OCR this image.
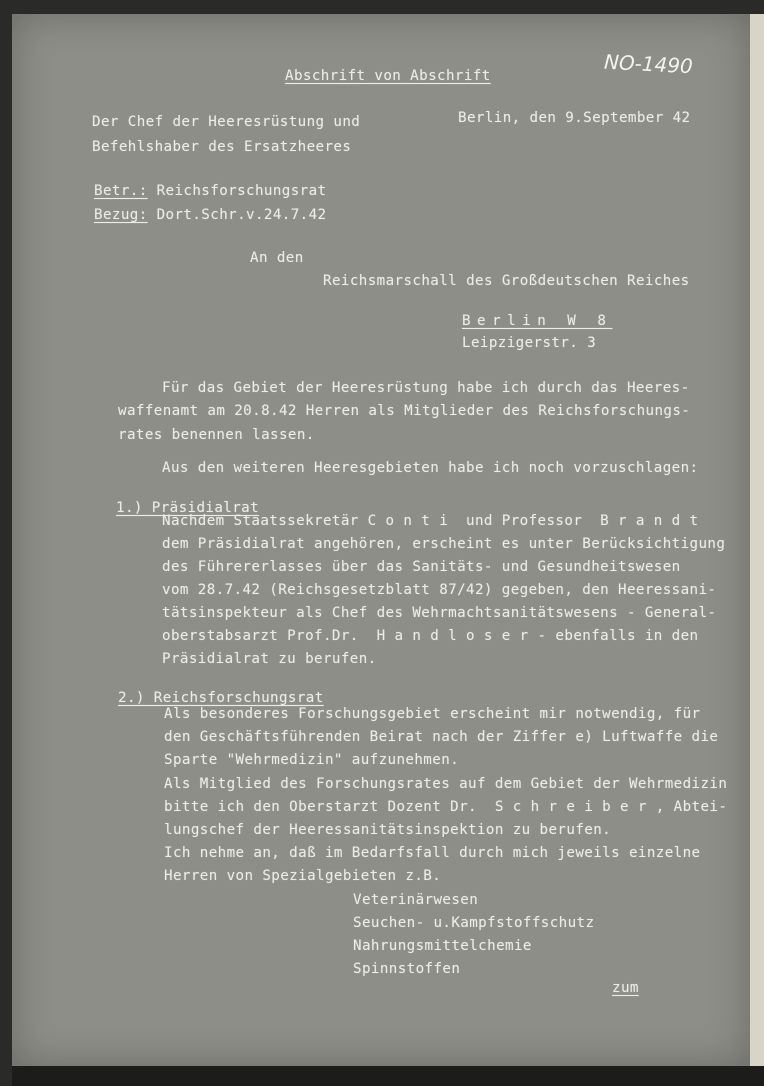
NO-1490
Abschrift von Abschrift
Der Chef der Heeresrüstung und
Befehlshaber des Ersatzheeres
Berlin, den 9.September 42
Betr.: Reichsforschungsrat
Bezug: Dort.Schr.v.24.7.42
An den
Reichsmarschall des Großdeutschen Reiches
Berlin W 8
Leipzigerstr. 3
Für das Gebiet der Heeresrüstung habe ich durch das Heeres-
waffenamt am 20.8.42 Herren als Mitglieder des Reichsforschungs-
rates benennen lassen.
Aus den weiteren Heeresgebieten habe ich noch vorzuschlagen:
1.) Präsidialrat
Nachdem Staatssekretär C o n t i  und Professor  B r a n d t
dem Präsidialrat angehören, erscheint es unter Berücksichtigung
des Führererlasses über das Sanitäts- und Gesundheitswesen
vom 28.7.42 (Reichsgesetzblatt 87/42) gegeben, den Heeressani-
tätsinspekteur als Chef des Wehrmachtsanitätswesens - General-
oberstabsarzt Prof.Dr.  H a n d l o s e r - ebenfalls in den
Präsidialrat zu berufen.
2.) Reichsforschungsrat
Als besonderes Forschungsgebiet erscheint mir notwendig, für
den Geschäftsführenden Beirat nach der Ziffer e) Luftwaffe die
Sparte "Wehrmedizin" aufzunehmen.
Als Mitglied des Forschungsrates auf dem Gebiet der Wehrmedizin
bitte ich den Oberstarzt Dozent Dr.  S c h r e i b e r , Abtei-
lungschef der Heeressanitätsinspektion zu berufen.
Ich nehme an, daß im Bedarfsfall durch mich jeweils einzelne
Herren von Spezialgebieten z.B.
Veterinärwesen
Seuchen- u.Kampfstoffschutz
Nahrungsmittelchemie
Spinnstoffen
zum
